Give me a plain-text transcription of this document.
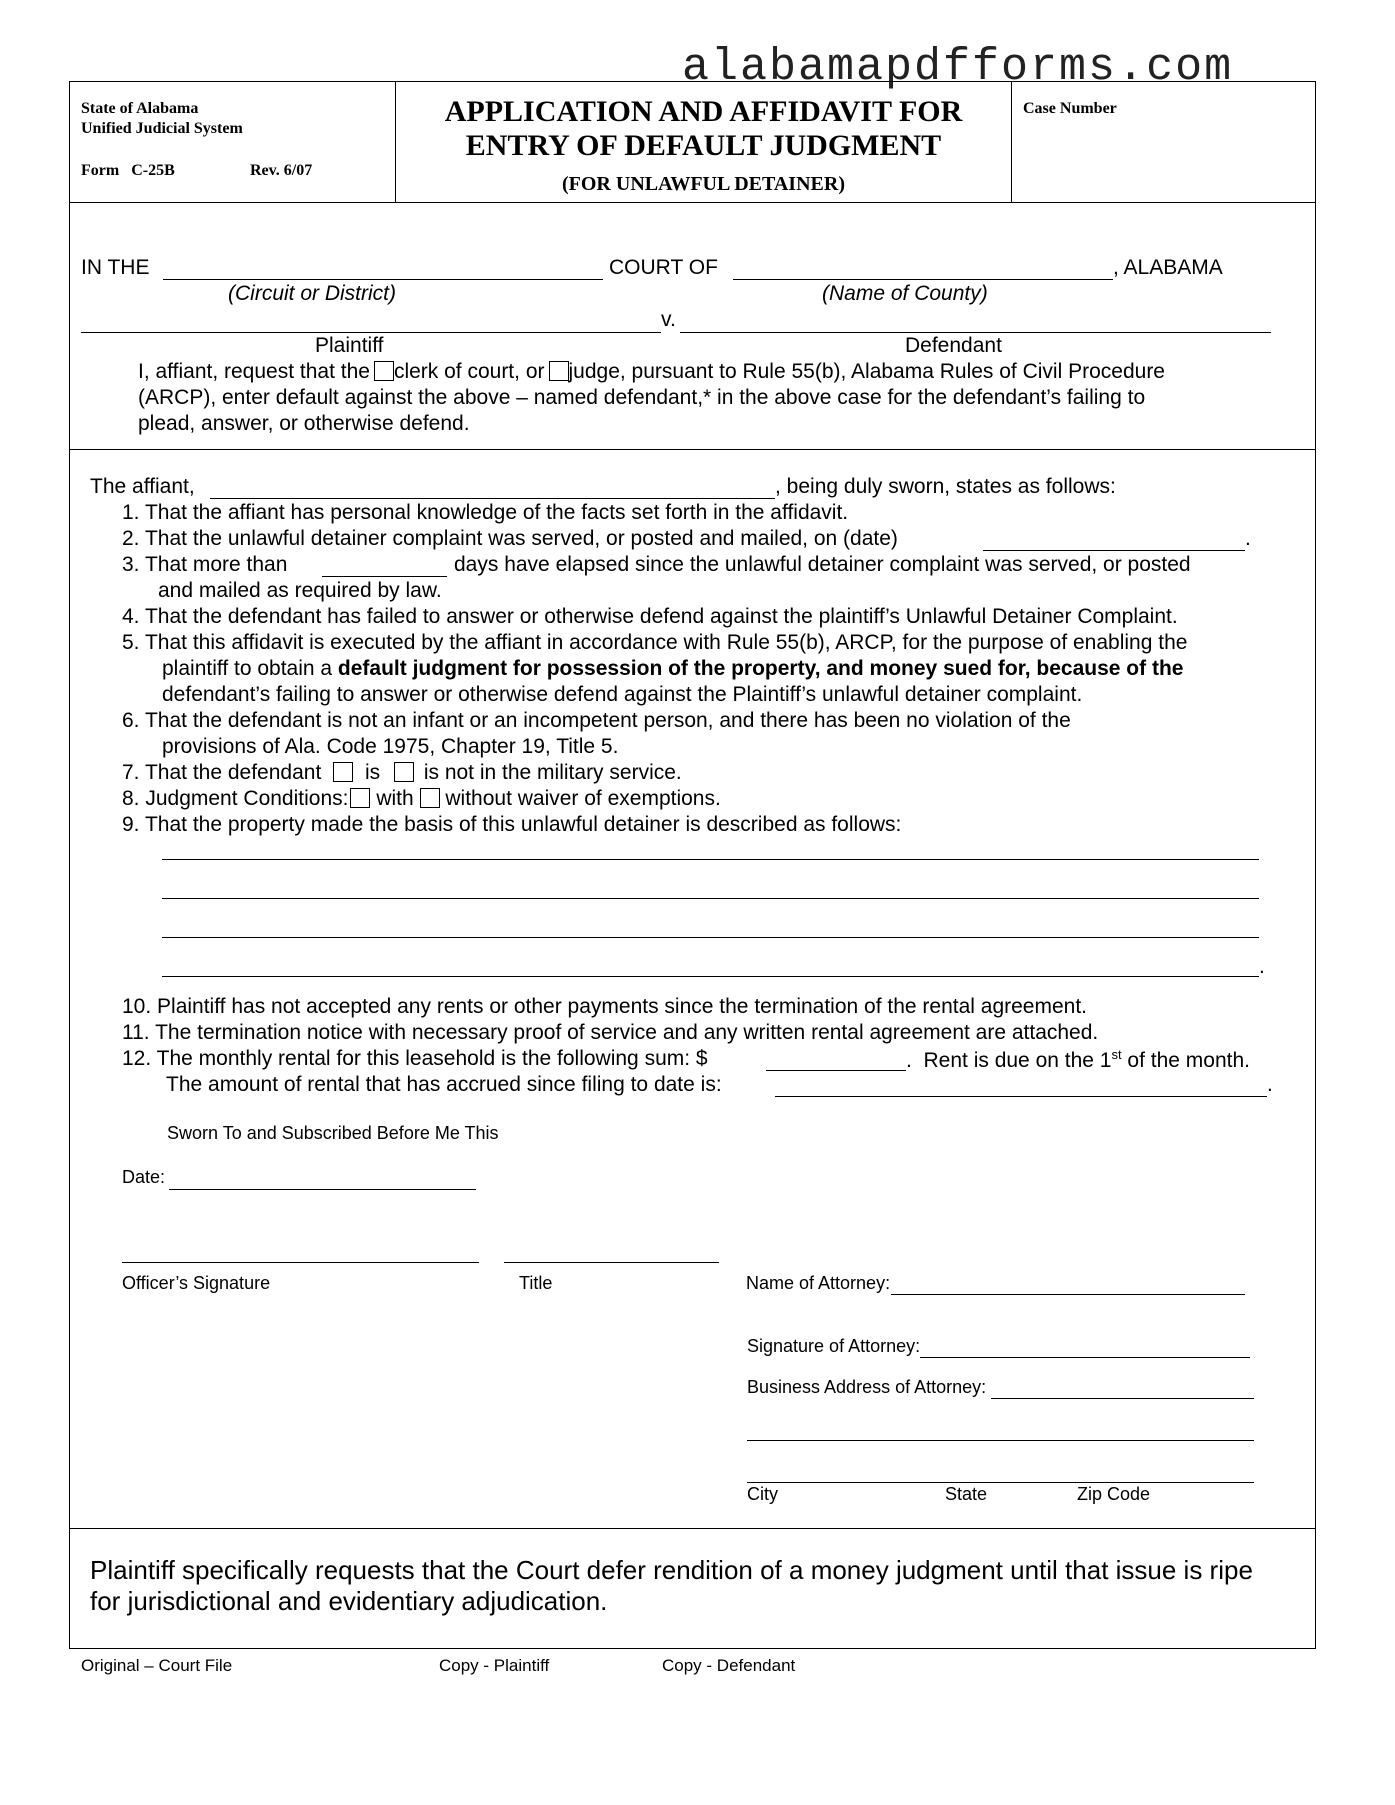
alabamapdfforms.com
State of Alabama
Unified Judicial System
Form   C-25B	Rev. 6/07
APPLICATION AND AFFIDAVIT FOR
ENTRY OF DEFAULT JUDGMENT
(FOR UNLAWFUL DETAINER)
Case Number
IN THE	COURT OF	, ALABAMA
(Circuit or District)	(Name of County)
v.
Plaintiff	Defendant
I, affiant, request that the clerk of court, or judge, pursuant to Rule 55(b), Alabama Rules of Civil Procedure
(ARCP), enter default against the above – named defendant,* in the above case for the defendant’s failing to
plead, answer, or otherwise defend.
The affiant,	, being duly sworn, states as follows:
1. That the affiant has personal knowledge of the facts set forth in the affidavit.
2. That the unlawful detainer complaint was served, or posted and mailed, on (date)	.
3. That more than	days have elapsed since the unlawful detainer complaint was served, or posted
and mailed as required by law.
4. That the defendant has failed to answer or otherwise defend against the plaintiff’s Unlawful Detainer Complaint.
5. That this affidavit is executed by the affiant in accordance with Rule 55(b), ARCP, for the purpose of enabling the
plaintiff to obtain a default judgment for possession of the property, and money sued for, because of the
defendant’s failing to answer or otherwise defend against the Plaintiff’s unlawful detainer complaint.
6. That the defendant is not an infant or an incompetent person, and there has been no violation of the
provisions of Ala. Code 1975, Chapter 19, Title 5.
7. That the defendant is is not in the military service.
8. Judgment Conditions: with without waiver of exemptions.
9. That the property made the basis of this unlawful detainer is described as follows:
.
10. Plaintiff has not accepted any rents or other payments since the termination of the rental agreement.
11. The termination notice with necessary proof of service and any written rental agreement are attached.
12. The monthly rental for this leasehold is the following sum: $	.  Rent is due on the 1st of the month.
The amount of rental that has accrued since filing to date is:	.
Sworn To and Subscribed Before Me This
Date:
Officer’s Signature	Title	Name of Attorney:
Signature of Attorney:
Business Address of Attorney:
City	State	Zip Code
Plaintiff specifically requests that the Court defer rendition of a money judgment until that issue is ripe
for jurisdictional and evidentiary adjudication.
Original – Court File	Copy - Plaintiff	Copy - Defendant
